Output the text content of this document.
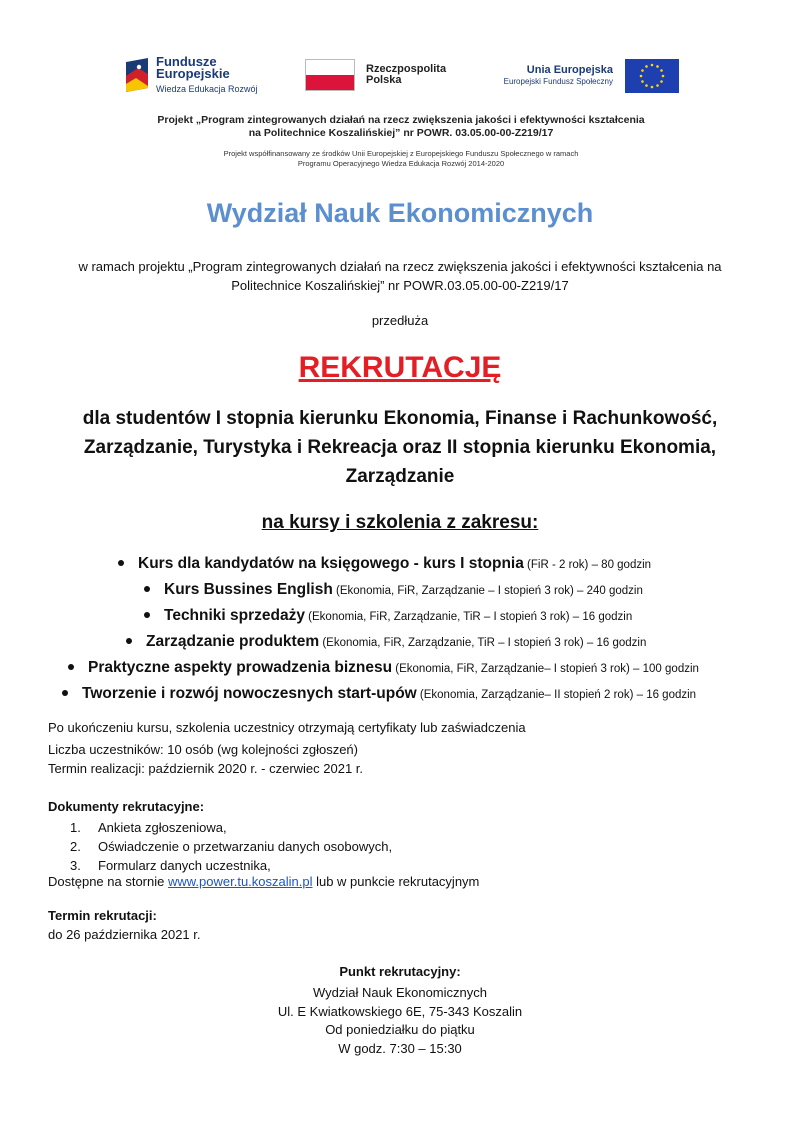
Fundusze
Europejskie
Wiedza Edukacja Rozwój
Rzeczpospolita
Polska
Unia Europejska
Europejski Fundusz Społeczny
Projekt „Program zintegrowanych działań na rzecz zwiększenia jakości i efektywności kształcenia
na Politechnice Koszalińskiej” nr POWR. 03.05.00-00-Z219/17
Projekt współfinansowany ze środków Unii Europejskiej z Europejskiego Funduszu Społecznego w ramach
Programu Operacyjnego Wiedza Edukacja Rozwój 2014-2020
Wydział Nauk Ekonomicznych
w ramach projektu „Program zintegrowanych działań na rzecz zwiększenia jakości i efektywności kształcenia na
Politechnice Koszalińskiej” nr POWR.03.05.00-00-Z219/17
przedłuża
REKRUTACJĘ
dla studentów I stopnia kierunku Ekonomia, Finanse i Rachunkowość,
Zarządzanie, Turystyka i Rekreacja oraz II stopnia kierunku Ekonomia,
Zarządzanie
na kursy i szkolenia z zakresu:
Kurs dla kandydatów na księgowego - kurs I stopnia (FiR - 2 rok) – 80 godzin
Kurs Bussines English (Ekonomia, FiR, Zarządzanie – I stopień 3 rok) – 240 godzin
Techniki sprzedaży (Ekonomia, FiR, Zarządzanie, TiR – I stopień 3 rok) – 16 godzin
Zarządzanie produktem (Ekonomia, FiR, Zarządzanie, TiR – I stopień 3 rok) – 16 godzin
Praktyczne aspekty prowadzenia biznesu (Ekonomia, FiR, Zarządzanie– I stopień 3 rok) – 100 godzin
Tworzenie i rozwój nowoczesnych start-upów (Ekonomia, Zarządzanie– II stopień 2 rok) – 16 godzin
Po ukończeniu kursu, szkolenia uczestnicy otrzymają certyfikaty lub zaświadczenia
Liczba uczestników: 10 osób (wg kolejności zgłoszeń)
Termin realizacji: październik 2020 r. - czerwiec 2021 r.
Dokumenty rekrutacyjne:
1. Ankieta zgłoszeniowa,
2. Oświadczenie o przetwarzaniu danych osobowych,
3. Formularz danych uczestnika,
Dostępne na stornie www.power.tu.koszalin.pl lub w punkcie rekrutacyjnym
Termin rekrutacji:
do 26 października 2021 r.
Punkt rekrutacyjny:
Wydział Nauk Ekonomicznych
Ul. E Kwiatkowskiego 6E, 75-343 Koszalin
Od poniedziałku do piątku
W godz. 7:30 – 15:30
